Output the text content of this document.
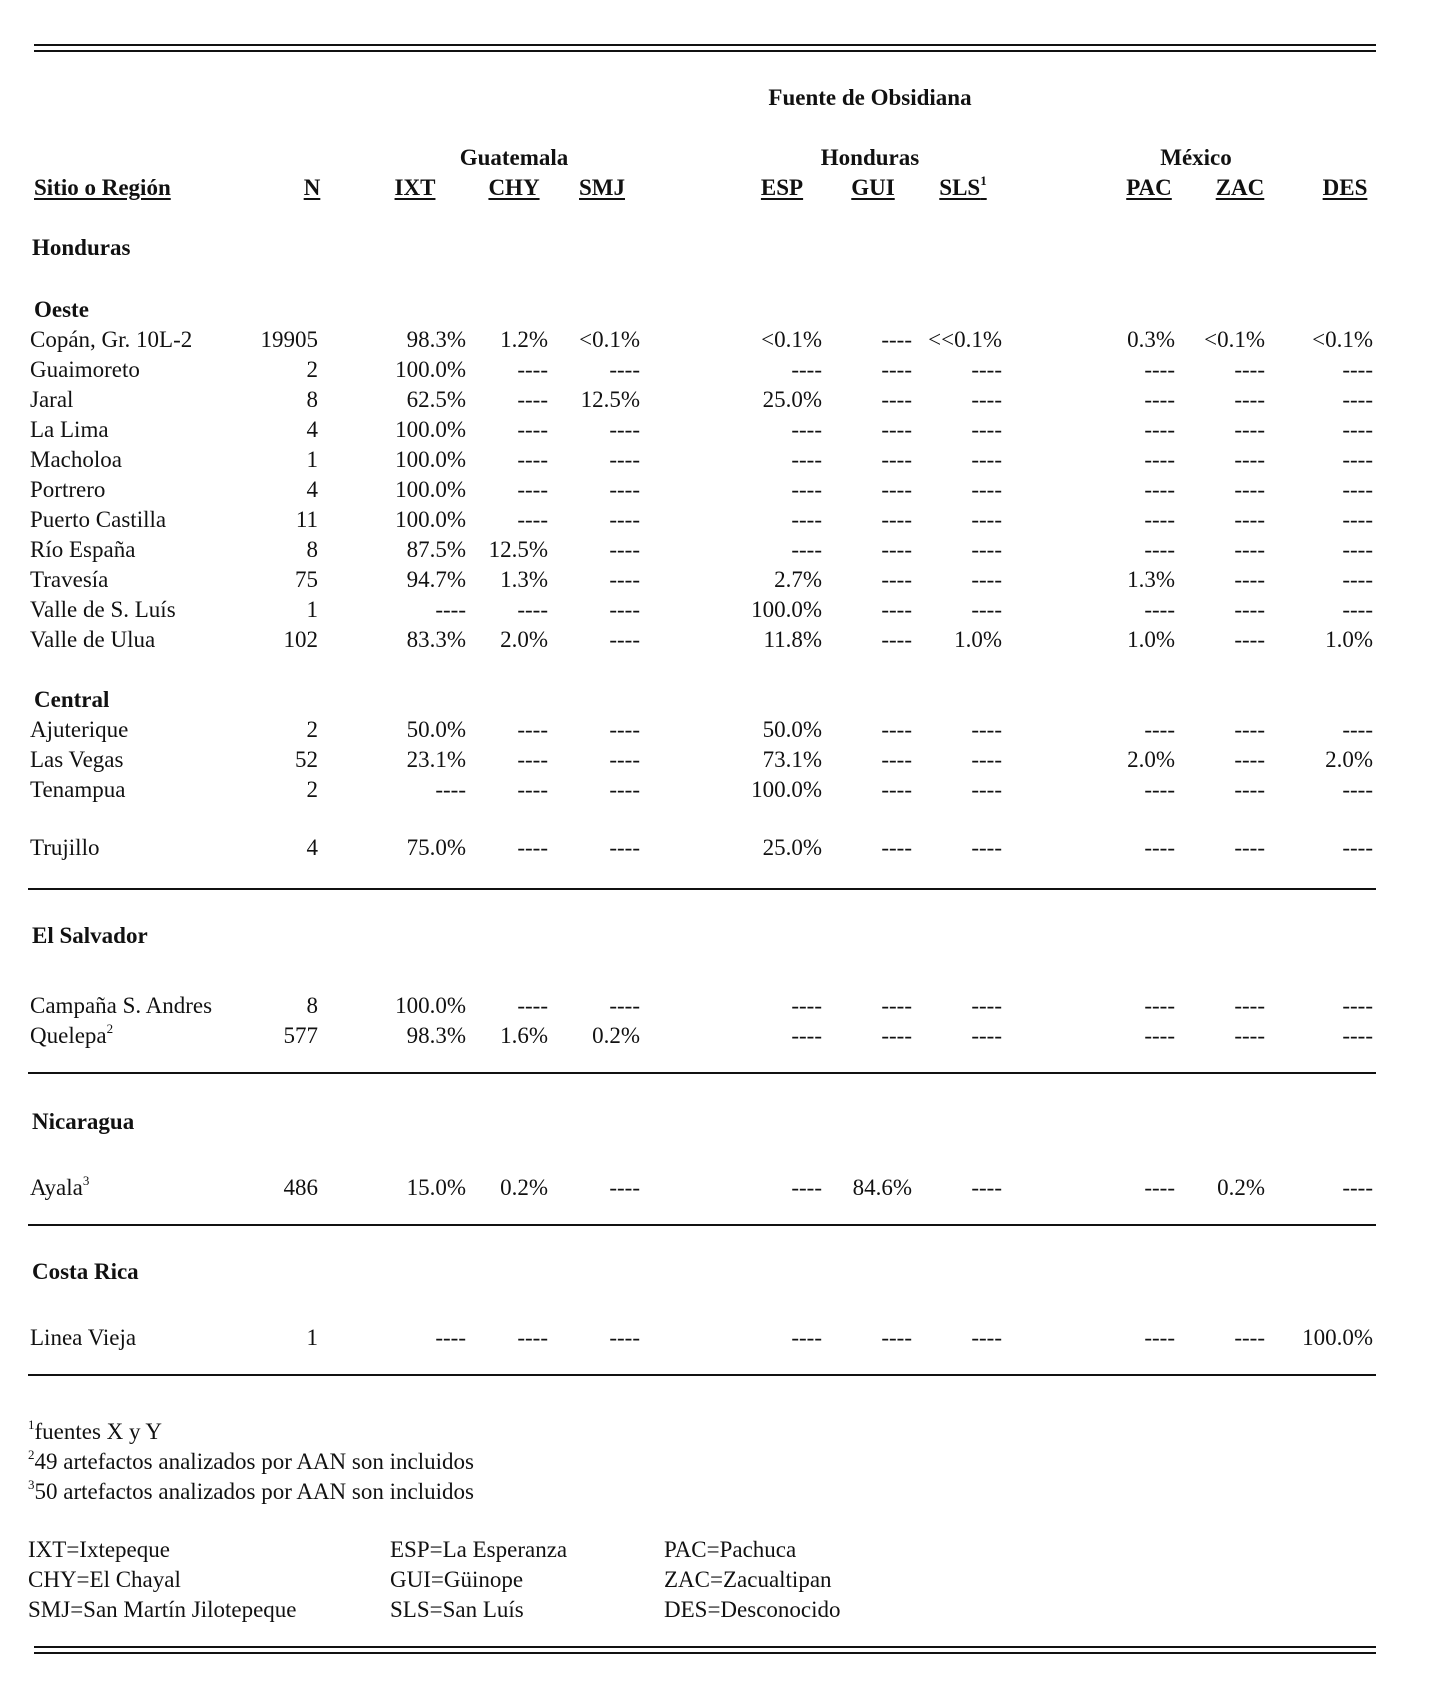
Fuente de Obsidiana
Guatemala	Honduras	México
Sitio o Región	N	IXT CHY SMJ	ESP GUI SLS$^1$	PAC ZAC	DES
Honduras
Oeste
Copán, Gr. 10L-2	19905	98.3% 1.2% <0.1%	<0.1%	---- <<0.1%	0.3% <0.1% <0.1%
Guaimoreto	2	100.0% ----	----	----	----	----	----	----	----
Jaral	8	62.5% ---- 12.5%	25.0%	----	----	----	----	----
La Lima	4	100.0% ----	----	----	----	----	----	----	----
Macholoa	1	100.0% ----	----	----	----	----	----	----	----
Portrero	4	100.0% ----	----	----	----	----	----	----	----
Puerto Castilla	11	100.0% ----	----	----	----	----	----	----	----
Río España	8	87.5% 12.5%	----	----	----	----	----	----	----
Travesía	75	94.7% 1.3%	----	2.7%	----	----	1.3%	----	----
Valle de S. Luís	1	---- ----	----	100.0%	----	----	----	----	----
Valle de Ulua	102	83.3% 2.0%	----	11.8%	---- 1.0%	1.0%	----	1.0%
Central
Ajuterique	2	50.0% ----	----	50.0%	----	----	----	----	----
Las Vegas	52	23.1% ----	----	73.1%	----	----	2.0%	----	2.0%
Tenampua	2	---- ----	----	100.0%	----	----	----	----	----
Trujillo	4	75.0% ----	----	25.0%	----	----	----	----	----
El Salvador
Campaña S. Andres	8	100.0% ----	----	----	----	----	----	----	----
Quelepa$^2$	577	98.3% 1.6% 0.2%	----	----	----	----	----	----
Nicaragua
Ayala$^3$	486	15.0% 0.2%	----	---- 84.6%	----	---- 0.2%	----
Costa Rica
Linea Vieja	1	---- ----	----	----	----	----	----	---- 100.0%
$^1$fuentes X y Y
$^2$49 artefactos analizados por AAN son incluidos
$^3$50 artefactos analizados por AAN son incluidos
IXT=Ixtepeque
CHY=El Chayal
SMJ=San Martín Jilotepeque
ESP=La Esperanza
GUI=Güinope
SLS=San Luís
PAC=Pachuca
ZAC=Zacualtipan
DES=Desconocido
